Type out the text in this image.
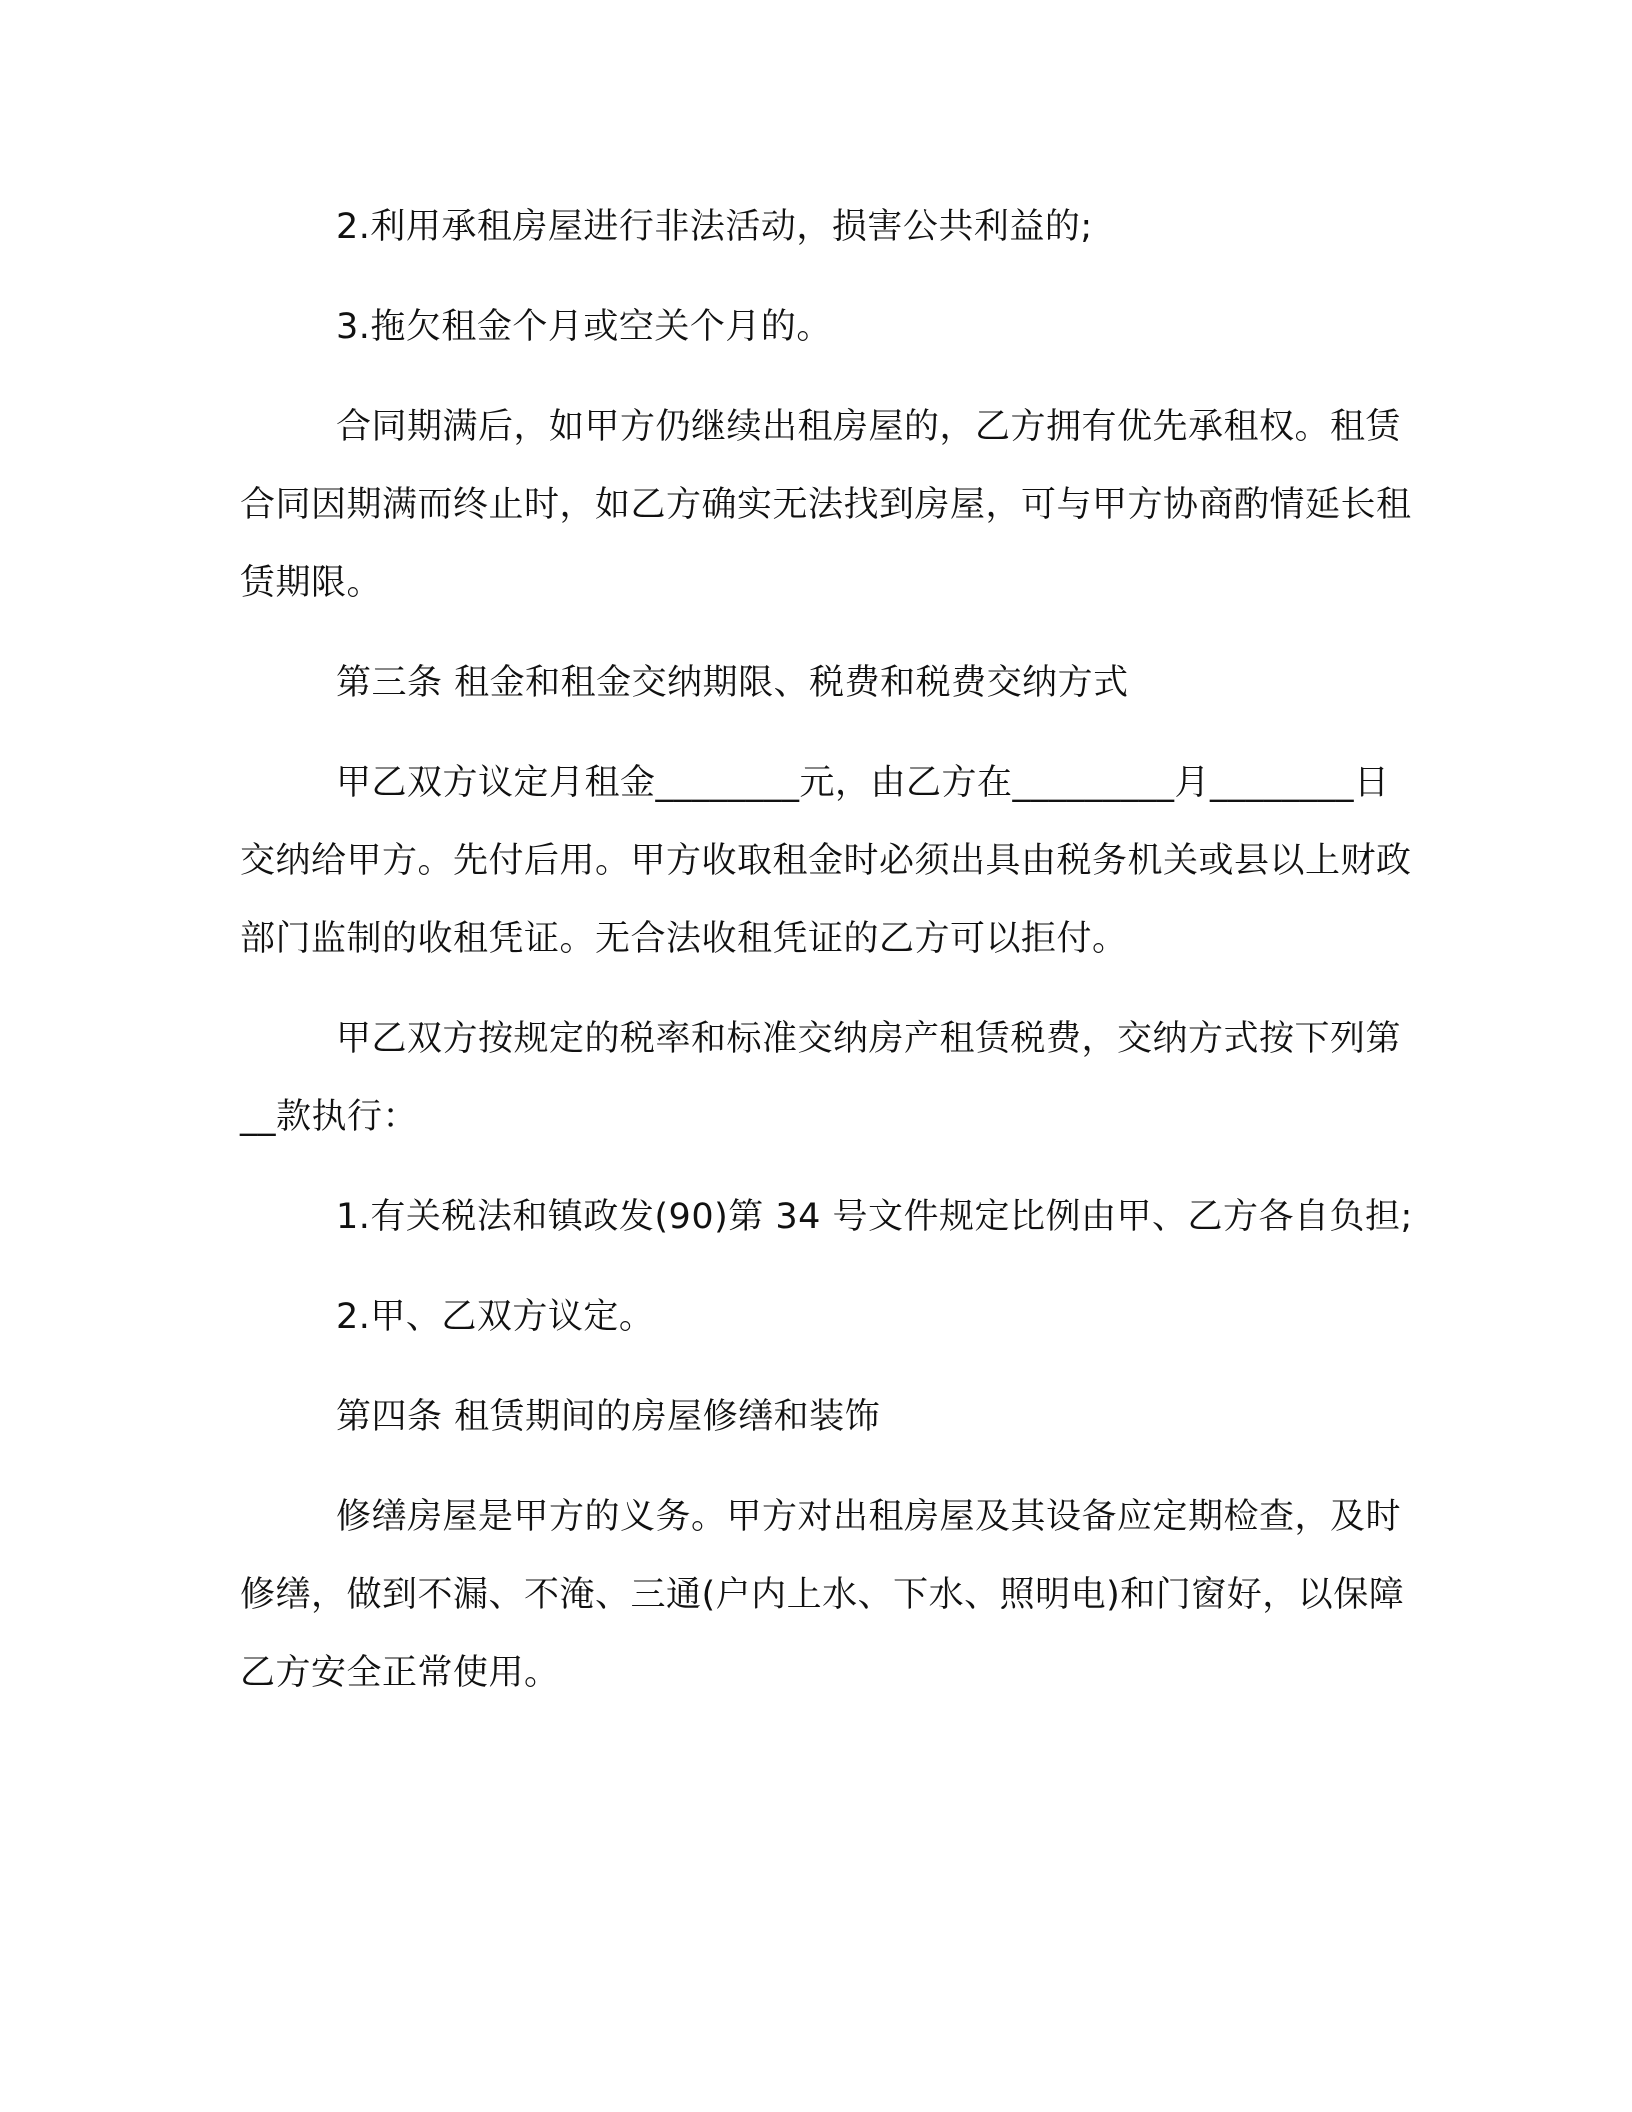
2.利用承租房屋进行非法活动，损害公共利益的;

3.拖欠租金个月或空关个月的。

合同期满后，如甲方仍继续出租房屋的，乙方拥有优先承租权。租赁合同因期满而终止时，如乙方确实无法找到房屋，可与甲方协商酌情延长租赁期限。

第三条 租金和租金交纳期限、税费和税费交纳方式

甲乙双方议定月租金________元，由乙方在_________月________日交纳给甲方。先付后用。甲方收取租金时必须出具由税务机关或县以上财政部门监制的收租凭证。无合法收租凭证的乙方可以拒付。

甲乙双方按规定的税率和标准交纳房产租赁税费，交纳方式按下列第__款执行：

1.有关税法和镇政发(90)第 34 号文件规定比例由甲、乙方各自负担;

2.甲、乙双方议定。

第四条 租赁期间的房屋修缮和装饰

修缮房屋是甲方的义务。甲方对出租房屋及其设备应定期检查，及时修缮，做到不漏、不淹、三通(户内上水、下水、照明电)和门窗好，以保障乙方安全正常使用。
